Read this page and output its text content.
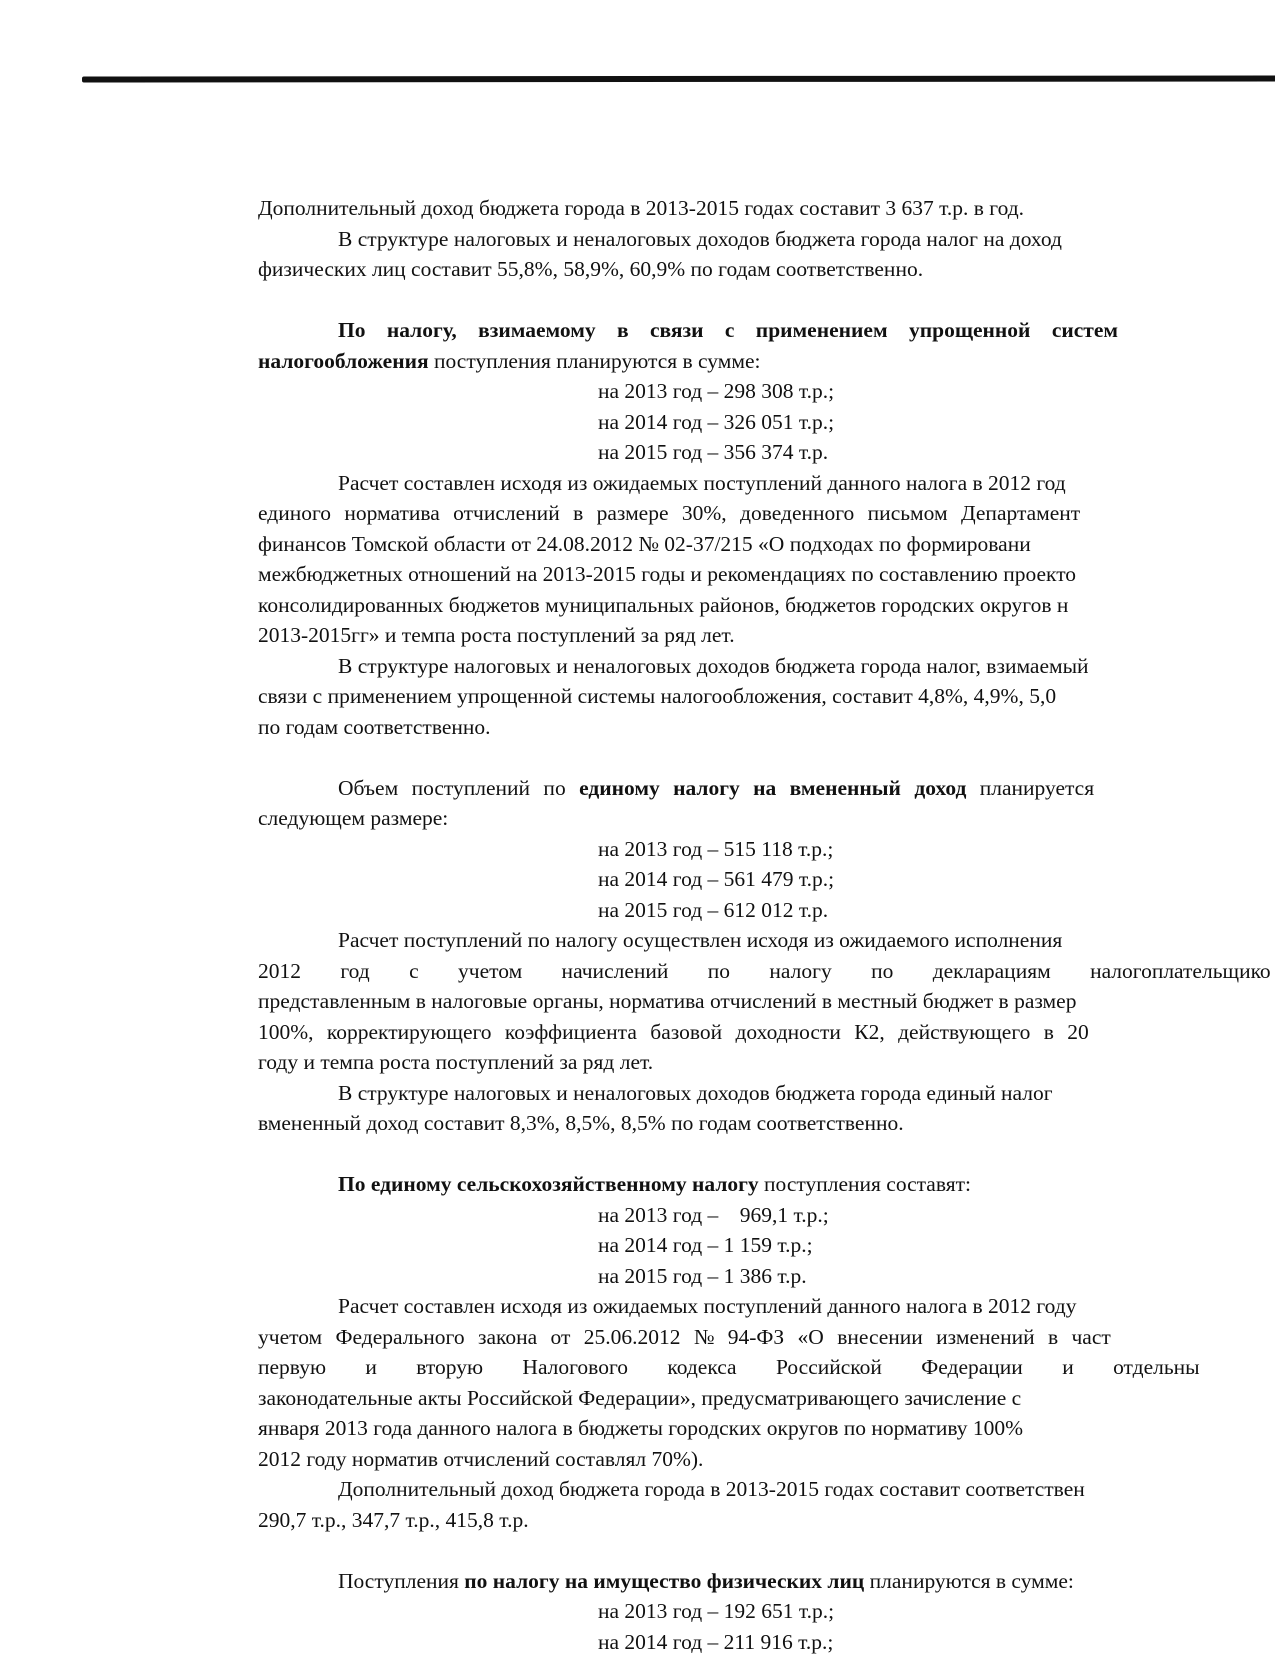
Дополнительный доход бюджета города в 2013-2015 годах составит 3 637 т.р. в год.

В структуре налоговых и неналоговых доходов бюджета города налог на доход

физических лиц составит 55,8%, 58,9%, 60,9% по годам соответственно.

По налогу, взимаемому в связи с применением упрощенной систем

налогообложения поступления планируются в сумме:

на 2013 год – 298 308 т.р.;

на 2014 год – 326 051 т.р.;

на 2015 год – 356 374 т.р.

Расчет составлен исходя из ожидаемых поступлений данного налога в 2012 год

единого норматива отчислений в размере 30%, доведенного письмом Департамент

финансов Томской области от 24.08.2012 № 02-37/215 «О подходах по формировани

межбюджетных отношений на 2013-2015 годы и рекомендациях по составлению проекто

консолидированных бюджетов муниципальных районов, бюджетов городских округов н

2013-2015гг» и темпа роста поступлений за ряд лет.

В структуре налоговых и неналоговых доходов бюджета города налог, взимаемый

связи с применением упрощенной системы налогообложения, составит 4,8%, 4,9%, 5,0

по годам соответственно.

Объем поступлений по единому налогу на вмененный доход планируется

следующем размере:

на 2013 год – 515 118 т.р.;

на 2014 год – 561 479 т.р.;

на 2015 год – 612 012 т.р.

Расчет поступлений по налогу осуществлен исходя из ожидаемого исполнения

2012 год с учетом начислений по налогу по декларациям налогоплательщико

представленным в налоговые органы, норматива отчислений в местный бюджет в размер

100%, корректирующего коэффициента базовой доходности К2, действующего в 20

году и темпа роста поступлений за ряд лет.

В структуре налоговых и неналоговых доходов бюджета города единый налог

вмененный доход составит 8,3%, 8,5%, 8,5% по годам соответственно.

По единому сельскохозяйственному налогу поступления составят:

на 2013 год –    969,1 т.р.;

на 2014 год – 1 159 т.р.;

на 2015 год – 1 386 т.р.

Расчет составлен исходя из ожидаемых поступлений данного налога в 2012 году

учетом Федерального закона от 25.06.2012 № 94-ФЗ «О внесении изменений в част

первую и вторую Налогового кодекса Российской Федерации и отдельны

законодательные акты Российской Федерации», предусматривающего зачисление с

января 2013 года данного налога в бюджеты городских округов по нормативу 100%

2012 году норматив отчислений составлял 70%).

Дополнительный доход бюджета города в 2013-2015 годах составит соответствен

290,7 т.р., 347,7 т.р., 415,8 т.р.

Поступления по налогу на имущество физических лиц планируются в сумме:

на 2013 год – 192 651 т.р.;

на 2014 год – 211 916 т.р.;
